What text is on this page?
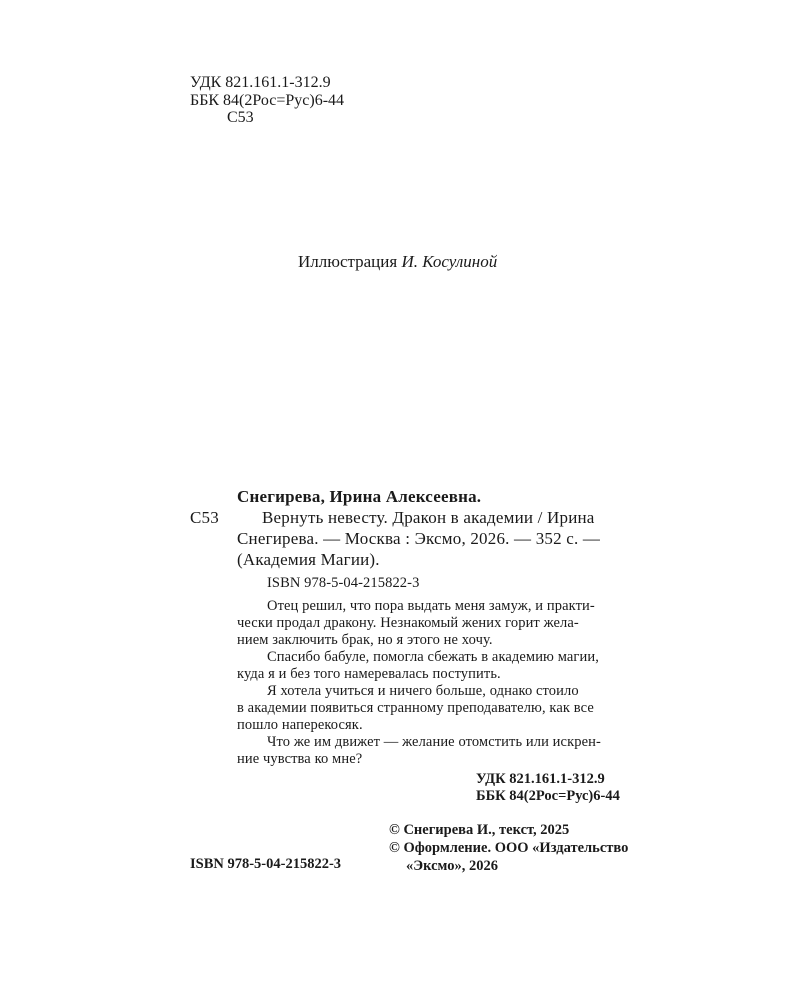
УДК 821.161.1-312.9
ББК 84(2Рос=Рус)6-44
С53
Иллюстрация И. Косулиной
Снегирева, Ирина Алексеевна.
С53	Вернуть невесту. Дракон в академии / Ирина
Снегирева. — Москва : Эксмо, 2026. — 352 с. —
(Академия Магии).
ISBN 978-5-04-215822-3
Отец решил, что пора выдать меня замуж, и практи-
чески продал дракону. Незнакомый жених горит жела-
нием заключить брак, но я этого не хочу.
Спасибо бабуле, помогла сбежать в академию магии,
куда я и без того намеревалась поступить.
Я хотела учиться и ничего больше, однако стоило
в академии появиться странному преподавателю, как все
пошло наперекосяк.
Что же им движет — желание отомстить или искрен-
ние чувства ко мне?
УДК 821.161.1-312.9
ББК 84(2Рос=Рус)6-44
© Снегирева И., текст, 2025
© Оформление. ООО «Издательство
«Эксмо», 2026
ISBN 978-5-04-215822-3
